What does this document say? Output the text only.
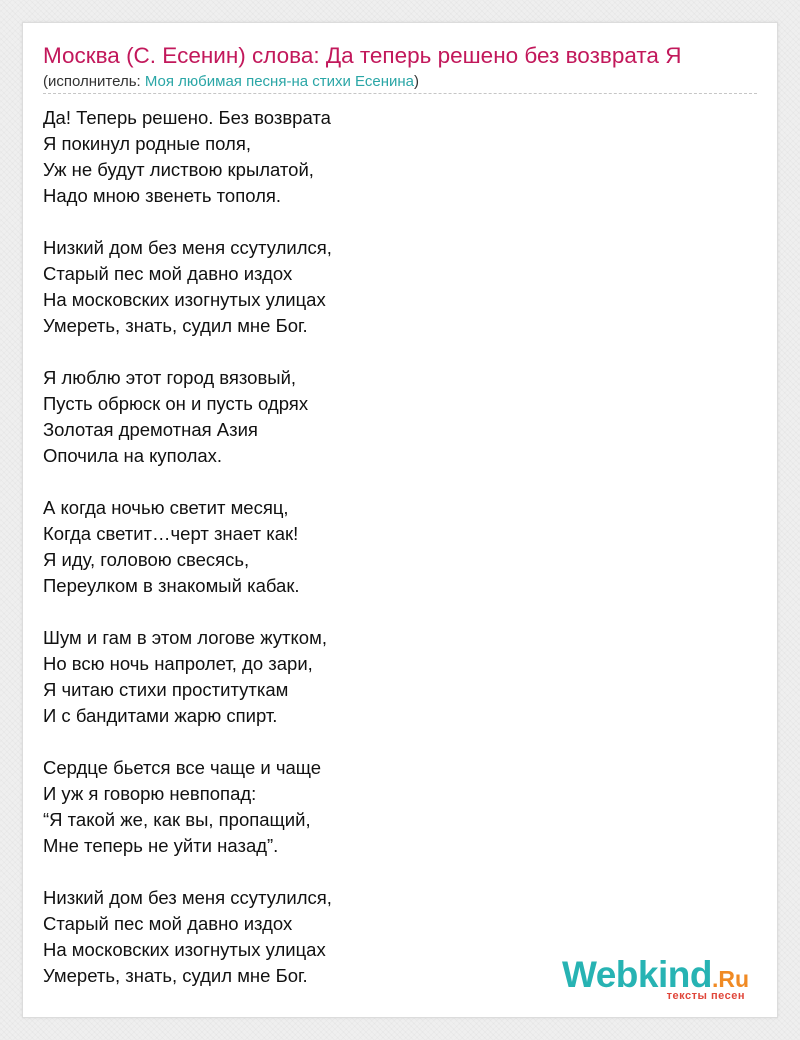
Москва (С. Есенин) слова: Да теперь решено без возврата Я
(исполнитель: Моя любимая песня-на стихи Есенина)
Да! Теперь решено. Без возврата
Я покинул родные поля,
Уж не будут листвою крылатой,
Надо мною звенеть тополя.
Низкий дом без меня ссутулился,
Старый пес мой давно издох
На московских изогнутых улицах
Умереть, знать, судил мне Бог.
Я люблю этот город вязовый,
Пусть обрюск он и пусть одрях
Золотая дремотная Азия
Опочила на куполах.
А когда ночью светит месяц,
Когда светит…черт знает как!
Я иду, головою свесясь,
Переулком в знакомый кабак.
Шум и гам в этом логове жутком,
Но всю ночь напролет, до зари,
Я читаю стихи проституткам
И с бандитами жарю спирт.
Сердце бьется все чаще и чаще
И уж я говорю невпопад:
“Я такой же, как вы, пропащий,
Мне теперь не уйти назад”.
Низкий дом без меня ссутулился,
Старый пес мой давно издох
На московских изогнутых улицах
Умереть, знать, судил мне Бог.	Webkind.Ru
тексты песен
